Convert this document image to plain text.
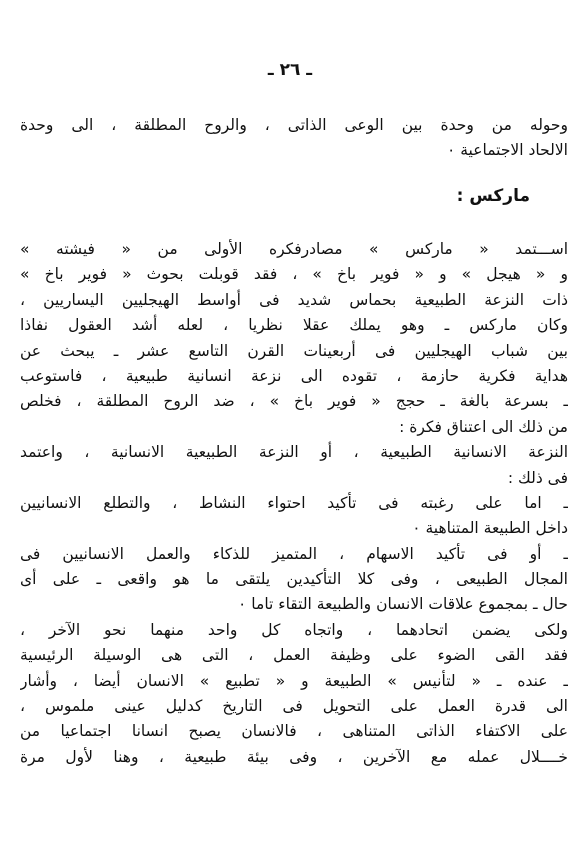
ـ ٢٦ ـ
وحوله من وحدة بين الوعى الذاتى ، والروح المطلقة ، الى وحدة
الالحاد الاجتماعية ٠
ماركس :
اســـتمد « ماركس » مصادرفكره الأولى من « فيشته »
و « هيجل » و « فوير باخ » ، فقد قوبلت بحوث « فوير باخ »
ذات النزعة الطبيعية بحماس شديد فى أواسط الهيجليين اليساريين ،
وكان ماركس ـ وهو يملك عقلا نظريا ، لعله أشد العقول نفاذا
بين شباب الهيجليين فى أربعينات القرن التاسع عشر ـ يبحث عن
هداية فكرية حازمة ، تقوده الى نزعة انسانية طبيعية ، فاستوعب
ـ بسرعة بالغة ـ حجج « فوير باخ » ، ضد الروح المطلقة ، فخلص
من ذلك الى اعتناق فكرة :
النزعة الانسانية الطبيعية ، أو النزعة الطبيعية الانسانية ، واعتمد
فى ذلك :
ـ اما على رغبته فى تأكيد احتواء النشاط ، والتطلع الانسانيين
داخل الطبيعة المتناهية ٠
ـ أو فى تأكيد الاسهام ، المتميز للذكاء والعمل الانسانيين فى
المجال الطبيعى ، وفى كلا التأكيدين يلتقى ما هو واقعى ـ على أى
حال ـ بمجموع علاقات الانسان والطبيعة التقاء تاما ٠
ولكى يضمن اتحادهما ، واتجاه كل واحد منهما نحو الآخر ،
فقد القى الضوء على وظيفة العمل ، التى هى الوسيلة الرئيسية
ـ عنده ـ « لتأنيس » الطبيعة و « تطبيع » الانسان أيضا ، وأشار
الى قدرة العمل على التحويل فى التاريخ كدليل عينى ملموس ،
على الاكتفاء الذاتى المتناهى ، فالانسان يصبح انسانا اجتماعيا من
خــــلال عمله مع الآخرين ، وفى بيئة طبيعية ، وهنا لأول مرة
